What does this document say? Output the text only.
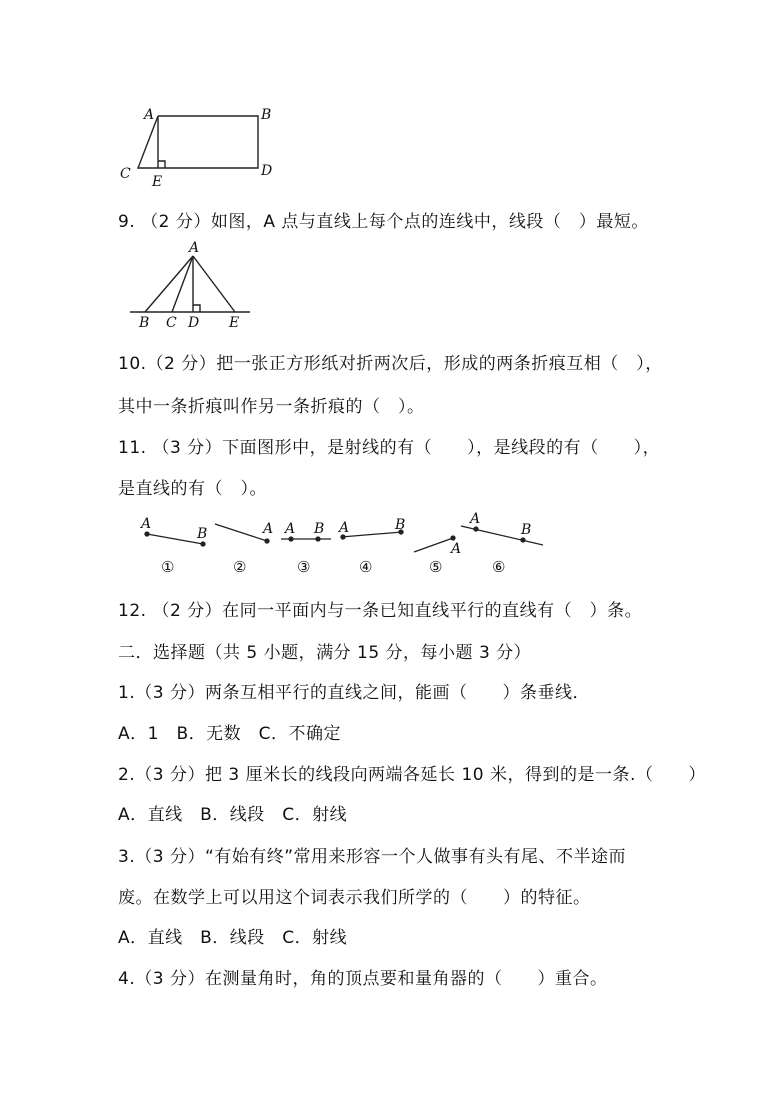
A	B
C E
D
9. （2 分）如图，A 点与直线上每个点的连线中，线段（　）最短。
A
B C D E
10.（2 分）把一张正方形纸对折两次后，形成的两条折痕互相（　），
其中一条折痕叫作另一条折痕的（　）。
11. （3 分）下面图形中，是射线的有（　　），是线段的有（　　），
是直线的有（　）。
A
B	A A B A	B
A
A
B
①	②	③	④	⑤	⑥
12. （2 分）在同一平面内与一条已知直线平行的直线有（　）条。
二．选择题（共 5 小题，满分 15 分，每小题 3 分）
1.（3 分）两条互相平行的直线之间，能画（　　）条垂线．
A．1　B．无数　C．不确定
2.（3 分）把 3 厘米长的线段向两端各延长 10 米，得到的是一条.（　　）
A．直线　B．线段　C．射线
3.（3 分）“有始有终”常用来形容一个人做事有头有尾、不半途而
废。在数学上可以用这个词表示我们所学的（　　）的特征。
A．直线　B．线段　C．射线
4.（3 分）在测量角时，角的顶点要和量角器的（　　）重合。
